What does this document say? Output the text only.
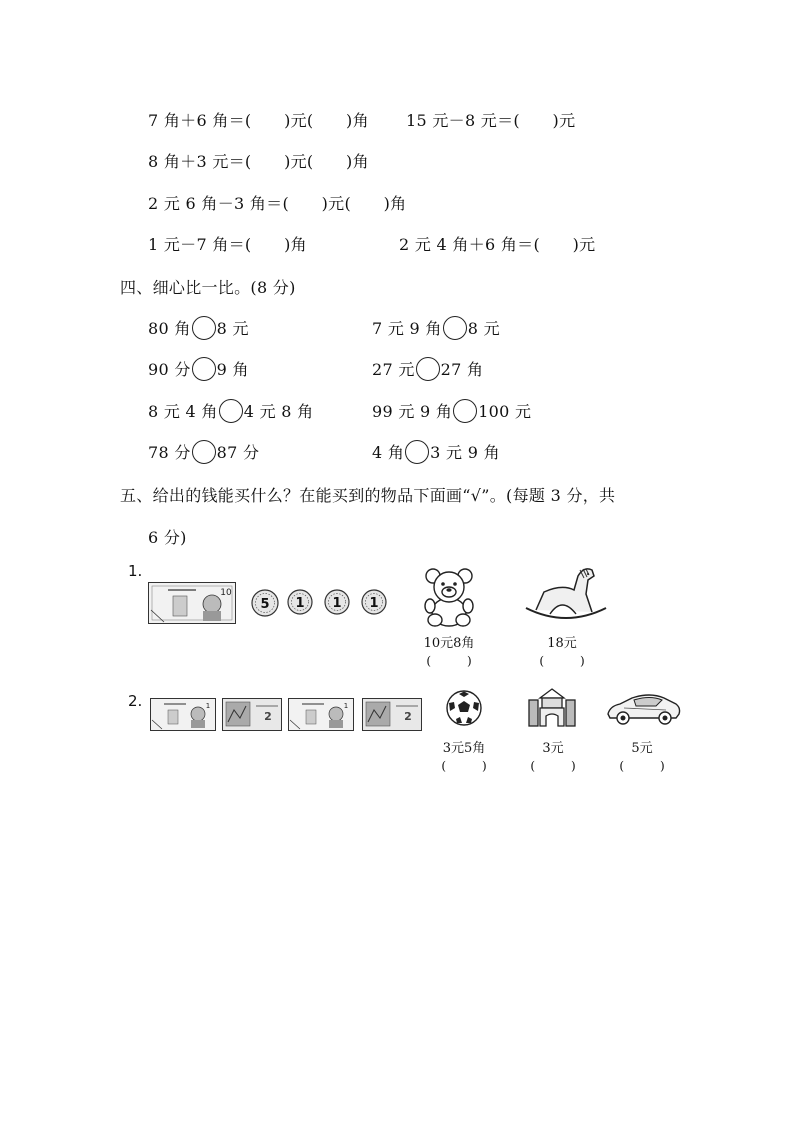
7 角＋6 角＝(　　)元(　　)角 15 元－8 元＝(　　)元
8 角＋3 元＝(　　)元(　　)角
2 元 6 角－3 角＝(　　)元(　　)角
1 元－7 角＝(　　)角	2 元 4 角＋6 角＝(　　)元
四、细心比一比。(8 分)
80 角 8 元	7 元 9 角 8 元
90 分 9 角	27 元 27 角
8 元 4 角 4 元 8 角	99 元 9 角 100 元
78 分 87 分	4 角 3 元 9 角
五、给出的钱能买什么？在能买到的物品下面画“√”。(每题 3 分，共
6 分)
1.
10
5 1 1 1
10元8角
(　　　)
18元
(　　　)
2.	1
2
1
2
3元5角
(　　　)
3元
(　　　)
5元
(　　　)
